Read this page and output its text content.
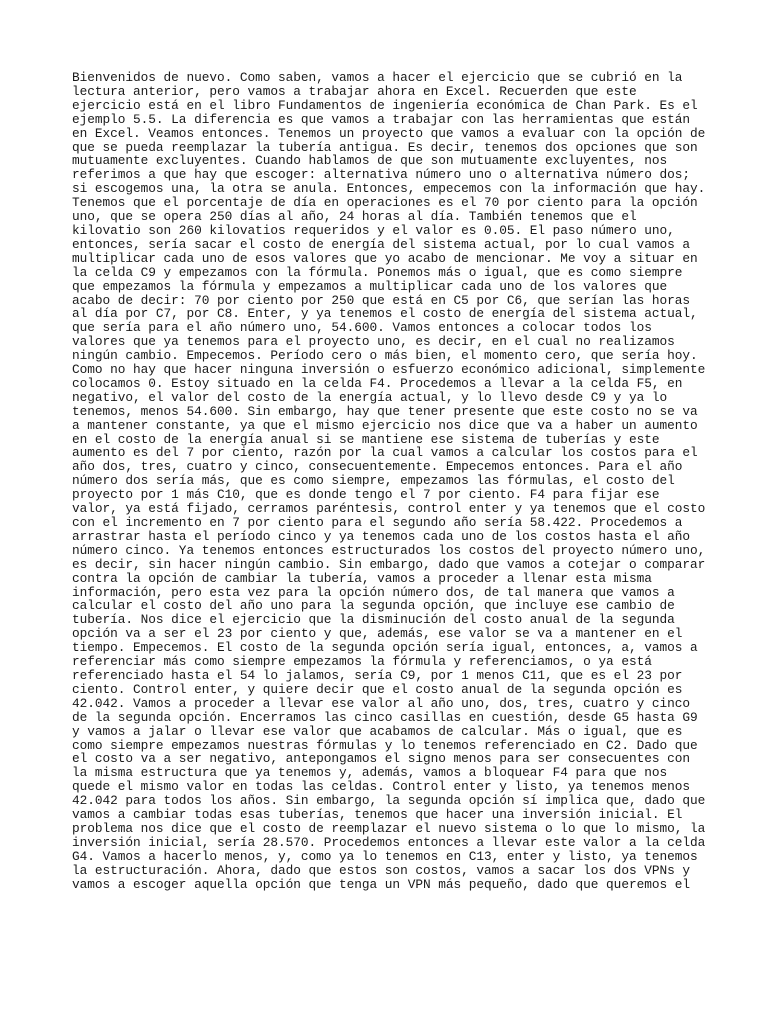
Bienvenidos de nuevo. Como saben, vamos a hacer el ejercicio que se cubrió en la
lectura anterior, pero vamos a trabajar ahora en Excel. Recuerden que este
ejercicio está en el libro Fundamentos de ingeniería económica de Chan Park. Es el
ejemplo 5.5. La diferencia es que vamos a trabajar con las herramientas que están
en Excel. Veamos entonces. Tenemos un proyecto que vamos a evaluar con la opción de
que se pueda reemplazar la tubería antigua. Es decir, tenemos dos opciones que son
mutuamente excluyentes. Cuando hablamos de que son mutuamente excluyentes, nos
referimos a que hay que escoger: alternativa número uno o alternativa número dos;
si escogemos una, la otra se anula. Entonces, empecemos con la información que hay.
Tenemos que el porcentaje de día en operaciones es el 70 por ciento para la opción
uno, que se opera 250 días al año, 24 horas al día. También tenemos que el
kilovatio son 260 kilovatios requeridos y el valor es 0.05. El paso número uno,
entonces, sería sacar el costo de energía del sistema actual, por lo cual vamos a
multiplicar cada uno de esos valores que yo acabo de mencionar. Me voy a situar en
la celda C9 y empezamos con la fórmula. Ponemos más o igual, que es como siempre
que empezamos la fórmula y empezamos a multiplicar cada uno de los valores que
acabo de decir: 70 por ciento por 250 que está en C5 por C6, que serían las horas
al día por C7, por C8. Enter, y ya tenemos el costo de energía del sistema actual,
que sería para el año número uno, 54.600. Vamos entonces a colocar todos los
valores que ya tenemos para el proyecto uno, es decir, en el cual no realizamos
ningún cambio. Empecemos. Período cero o más bien, el momento cero, que sería hoy.
Como no hay que hacer ninguna inversión o esfuerzo económico adicional, simplemente
colocamos 0. Estoy situado en la celda F4. Procedemos a llevar a la celda F5, en
negativo, el valor del costo de la energía actual, y lo llevo desde C9 y ya lo
tenemos, menos 54.600. Sin embargo, hay que tener presente que este costo no se va
a mantener constante, ya que el mismo ejercicio nos dice que va a haber un aumento
en el costo de la energía anual si se mantiene ese sistema de tuberías y este
aumento es del 7 por ciento, razón por la cual vamos a calcular los costos para el
año dos, tres, cuatro y cinco, consecuentemente. Empecemos entonces. Para el año
número dos sería más, que es como siempre, empezamos las fórmulas, el costo del
proyecto por 1 más C10, que es donde tengo el 7 por ciento. F4 para fijar ese
valor, ya está fijado, cerramos paréntesis, control enter y ya tenemos que el costo
con el incremento en 7 por ciento para el segundo año sería 58.422. Procedemos a
arrastrar hasta el período cinco y ya tenemos cada uno de los costos hasta el año
número cinco. Ya tenemos entonces estructurados los costos del proyecto número uno,
es decir, sin hacer ningún cambio. Sin embargo, dado que vamos a cotejar o comparar
contra la opción de cambiar la tubería, vamos a proceder a llenar esta misma
información, pero esta vez para la opción número dos, de tal manera que vamos a
calcular el costo del año uno para la segunda opción, que incluye ese cambio de
tubería. Nos dice el ejercicio que la disminución del costo anual de la segunda
opción va a ser el 23 por ciento y que, además, ese valor se va a mantener en el
tiempo. Empecemos. El costo de la segunda opción sería igual, entonces, a, vamos a
referenciar más como siempre empezamos la fórmula y referenciamos, o ya está
referenciado hasta el 54 lo jalamos, sería C9, por 1 menos C11, que es el 23 por
ciento. Control enter, y quiere decir que el costo anual de la segunda opción es
42.042. Vamos a proceder a llevar ese valor al año uno, dos, tres, cuatro y cinco
de la segunda opción. Encerramos las cinco casillas en cuestión, desde G5 hasta G9
y vamos a jalar o llevar ese valor que acabamos de calcular. Más o igual, que es
como siempre empezamos nuestras fórmulas y lo tenemos referenciado en C2. Dado que
el costo va a ser negativo, antepongamos el signo menos para ser consecuentes con
la misma estructura que ya tenemos y, además, vamos a bloquear F4 para que nos
quede el mismo valor en todas las celdas. Control enter y listo, ya tenemos menos
42.042 para todos los años. Sin embargo, la segunda opción sí implica que, dado que
vamos a cambiar todas esas tuberías, tenemos que hacer una inversión inicial. El
problema nos dice que el costo de reemplazar el nuevo sistema o lo que lo mismo, la
inversión inicial, sería 28.570. Procedemos entonces a llevar este valor a la celda
G4. Vamos a hacerlo menos, y, como ya lo tenemos en C13, enter y listo, ya tenemos
la estructuración. Ahora, dado que estos son costos, vamos a sacar los dos VPNs y
vamos a escoger aquella opción que tenga un VPN más pequeño, dado que queremos el
